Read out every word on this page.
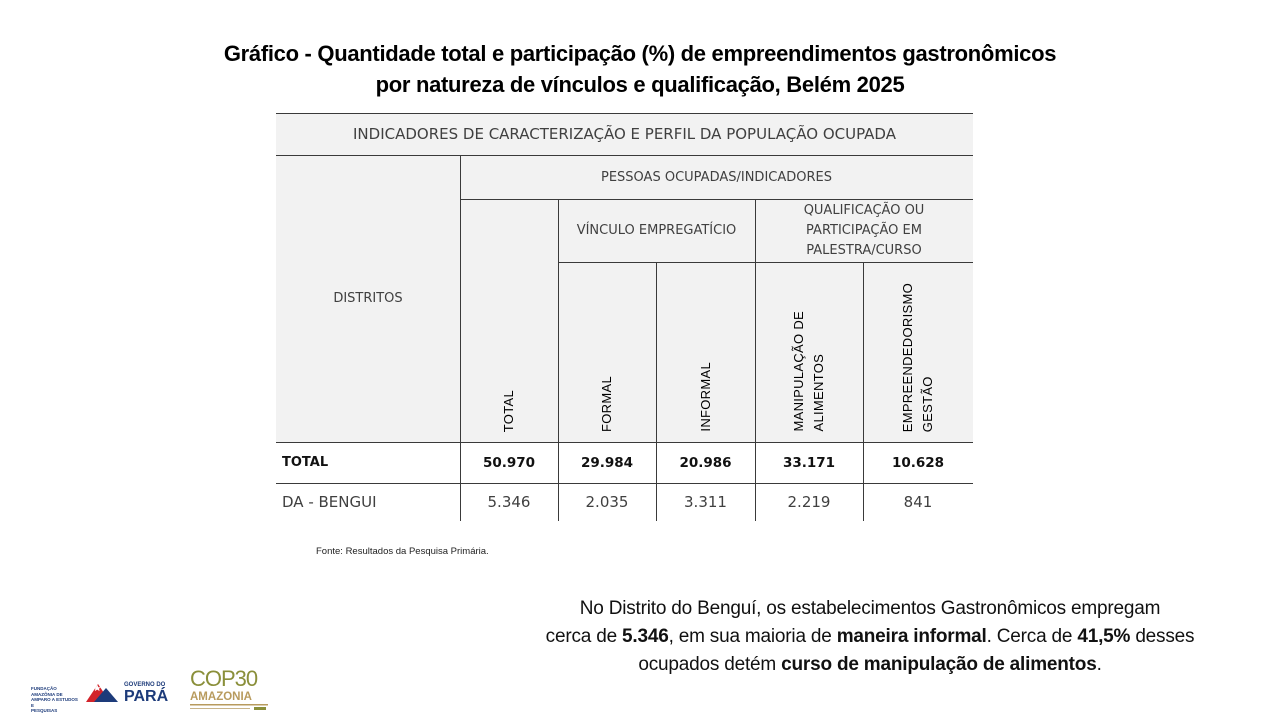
Gráfico - Quantidade total e participação (%) de empreendimentos gastronômicos
por natureza de vínculos e qualificação, Belém 2025
INDICADORES DE CARACTERIZAÇÃO E PERFIL DA POPULAÇÃO OCUPADA
PESSOAS OCUPADAS/INDICADORES
DISTRITOS
VÍNCULO EMPREGATÍCIO
QUALIFICAÇÃO OU
PARTICIPAÇÃO EM
PALESTRA/CURSO
TOTAL	FORMAL	INFORMAL	MANIPULAÇÃO DE ALIMENTOS	EMPREENDEDORISMO GESTÃO
TOTAL	50.970	29.984	20.986	33.171	10.628
DA - BENGUI	5.346	2.035	3.311	2.219	841
Fonte: Resultados da Pesquisa Primária.
No Distrito do Benguí, os estabelecimentos Gastronômicos empregam
cerca de 5.346, em sua maioria de maneira informal. Cerca de 41,5% desses
ocupados detém curso de manipulação de alimentos.
FUNDAÇÃO AMAZÔNIA DE
AMPARO A ESTUDOS E
PESQUISAS
GOVERNO DO
PARÁ
COP30
AMAZONIA
